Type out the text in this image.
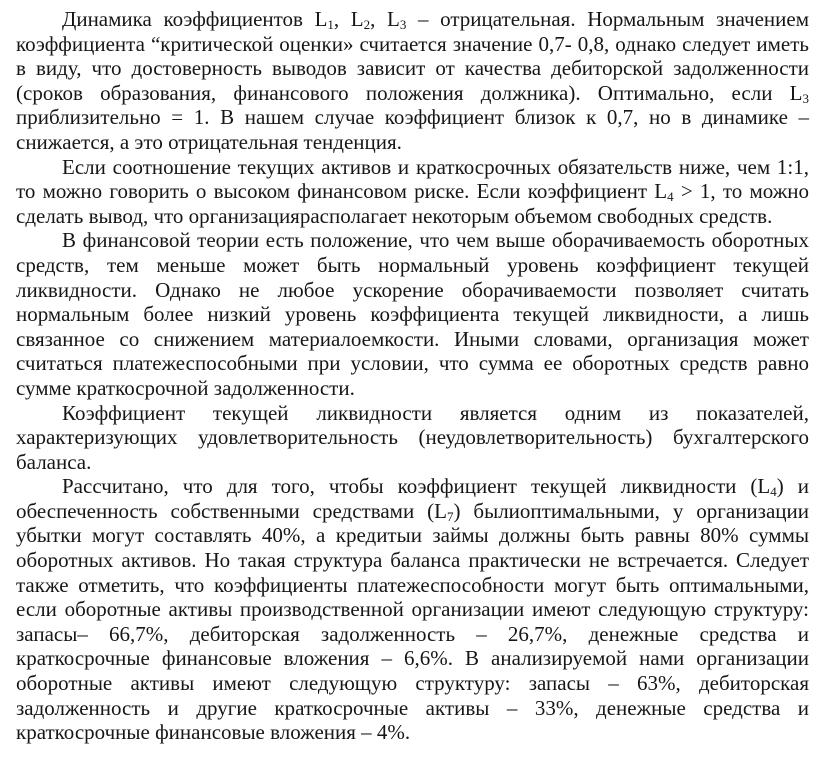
Динамика коэффициентов $L_1$, $L_2$, $L_3$ – отрицательная. Нормальным значением коэффициента “критической оценки» считается значение 0,7- 0,8, однако следует иметь в виду, что достоверность выводов зависит от качества дебиторской задолженности (сроков образования, финансового положения должника). Оптимально, если $L_3$ приблизительно = 1. В нашем случае коэффициент близок к 0,7, но в динамике – снижается, а это отрицательная тенденция.

Если соотношение текущих активов и краткосрочных обязательств ниже, чем 1:1, то можно говорить о высоком финансовом риске. Если коэффициент $L_4 > 1$, то можно сделать вывод, что организациярасполагает некоторым объемом свободных средств.

В финансовой теории есть положение, что чем выше оборачиваемость оборотных средств, тем меньше может быть нормальный уровень коэффициент текущей ликвидности. Однако не любое ускорение оборачиваемости позволяет считать нормальным более низкий уровень коэффициента текущей ликвидности, а лишь связанное со снижением материалоемкости. Иными словами, организация может считаться платежеспособными при условии, что сумма ее оборотных средств равно сумме краткосрочной задолженности.

Коэффициент текущей ликвидности является одним из показателей, характеризующих удовлетворительность (неудовлетворительность) бухгалтерского баланса.

Рассчитано, что для того, чтобы коэффициент текущей ликвидности $(L_4)$ и обеспеченность собственными средствами $(L_7)$ былиоптимальными, у организации убытки могут составлять 40%, а кредитыи займы должны быть равны 80% суммы оборотных активов. Но такая структура баланса практически не встречается. Следует также отметить, что коэффициенты платежеспособности могут быть оптимальными, если оборотные активы производственной организации имеют следующую структуру: запасы– 66,7%, дебиторская задолженность – 26,7%, денежные средства и краткосрочные финансовые вложения – 6,6%. В анализируемой нами организации оборотные активы имеют следующую структуру: запасы – 63%, дебиторская задолженность и другие краткосрочные активы – 33%, денежные средства и краткосрочные финансовые вложения – 4%.
